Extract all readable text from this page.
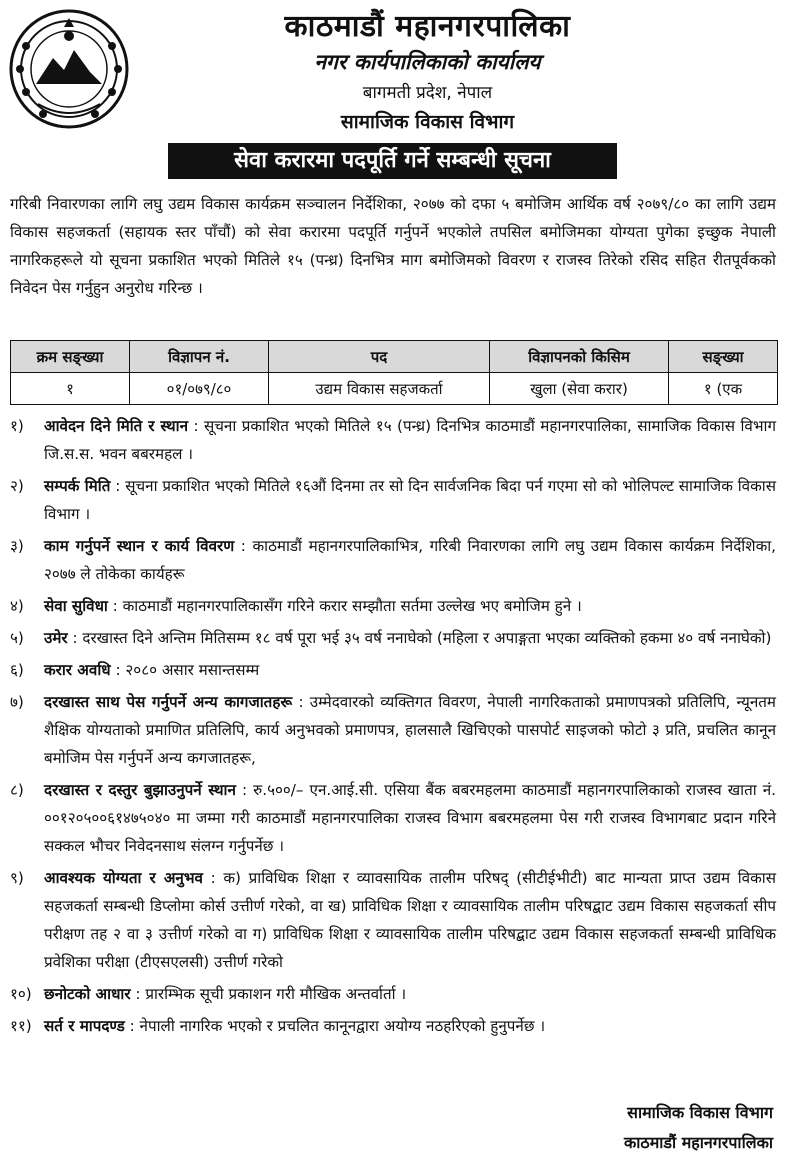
काठमाडौं महानगरपालिका
नगर कार्यपालिकाको कार्यालय
बागमती प्रदेश, नेपाल
सामाजिक विकास विभाग
सेवा करारमा पदपूर्ति गर्ने सम्बन्धी सूचना
गरिबी निवारणका लागि लघु उद्यम विकास कार्यक्रम सञ्चालन निर्देशिका, २०७७ को दफा ५ बमोजिम आर्थिक वर्ष २०७९/८० का लागि उद्यम विकास सहजकर्ता (सहायक स्तर पाँचौं) को सेवा करारमा पदपूर्ति गर्नुपर्ने भएकोले तपसिल बमोजिमका योग्यता पुगेका इच्छुक नेपाली नागरिकहरूले यो सूचना प्रकाशित भएको मितिले १५ (पन्ध्र) दिनभित्र माग बमोजिमको विवरण र राजस्व तिरेको रसिद सहित रीतपूर्वकको निवेदन पेस गर्नुहुन अनुरोध गरिन्छ ।
क्रम सङ्ख्या	विज्ञापन नं.	पद	विज्ञापनको किसिम	सङ्ख्या
१	०१/०७९/८०	उद्यम विकास सहजकर्ता	खुला (सेवा करार)	१ (एक
१)	आवेदन दिने मिति र स्थान : सूचना प्रकाशित भएको मितिले १५ (पन्ध्र) दिनभित्र काठमाडौं महानगरपालिका, सामाजिक विकास विभाग जि.स.स. भवन बबरमहल ।
२)	सम्पर्क मिति : सूचना प्रकाशित भएको मितिले १६औं दिनमा तर सो दिन सार्वजनिक बिदा पर्न गएमा सो को भोलिपल्ट सामाजिक विकास विभाग ।
३)	काम गर्नुपर्ने स्थान र कार्य विवरण : काठमाडौं महानगरपालिकाभित्र, गरिबी निवारणका लागि लघु उद्यम विकास कार्यक्रम निर्देशिका, २०७७ ले तोकेका कार्यहरू
४)	सेवा सुविधा : काठमाडौं महानगरपालिकासँग गरिने करार सम्झौता सर्तमा उल्लेख भए बमोजिम हुने ।
५)	उमेर : दरखास्त दिने अन्तिम मितिसम्म १८ वर्ष पूरा भई ३५ वर्ष ननाघेको (महिला र अपाङ्गता भएका व्यक्तिको हकमा ४० वर्ष ननाघेको)
६)	करार अवधि : २०८० असार मसान्तसम्म
७)	दरखास्त साथ पेस गर्नुपर्ने अन्य कागजातहरू : उम्मेदवारको व्यक्तिगत विवरण, नेपाली नागरिकताको प्रमाणपत्रको प्रतिलिपि, न्यूनतम शैक्षिक योग्यताको प्रमाणित प्रतिलिपि, कार्य अनुभवको प्रमाणपत्र, हालसालै खिचिएको पासपोर्ट साइजको फोटो ३ प्रति, प्रचलित कानून बमोजिम पेस गर्नुपर्ने अन्य कगजातहरू,
८)	दरखास्त र दस्तुर बुझाउनुपर्ने स्थान : रु.५००/– एन.आई.सी. एसिया बैंक बबरमहलमा काठमाडौं महानगरपालिकाको राजस्व खाता नं. ००१२०५००६१४७५०४० मा जम्मा गरी काठमाडौं महानगरपालिका राजस्व विभाग बबरमहलमा पेस गरी राजस्व विभागबाट प्रदान गरिने सक्कल भौचर निवेदनसाथ संलग्न गर्नुपर्नेछ ।
९)	आवश्यक योग्यता र अनुभव : क) प्राविधिक शिक्षा र व्यावसायिक तालीम परिषद् (सीटीईभीटी) बाट मान्यता प्राप्त उद्यम विकास सहजकर्ता सम्बन्धी डिप्लोमा कोर्स उत्तीर्ण गरेको, वा ख) प्राविधिक शिक्षा र व्यावसायिक तालीम परिषद्बाट उद्यम विकास सहजकर्ता सीप परीक्षण तह २ वा ३ उत्तीर्ण गरेको वा ग) प्राविधिक शिक्षा र व्यावसायिक तालीम परिषद्बाट उद्यम विकास सहजकर्ता सम्बन्धी प्राविधिक प्रवेशिका परीक्षा (टीएसएलसी) उत्तीर्ण गरेको
१०) छनोटको आधार : प्रारम्भिक सूची प्रकाशन गरी मौखिक अन्तर्वार्ता ।
११) सर्त र मापदण्ड : नेपाली नागरिक भएको र प्रचलित कानूनद्वारा अयोग्य नठहरिएको हुनुपर्नेछ ।
सामाजिक विकास विभाग
काठमाडौं महानगरपालिका
